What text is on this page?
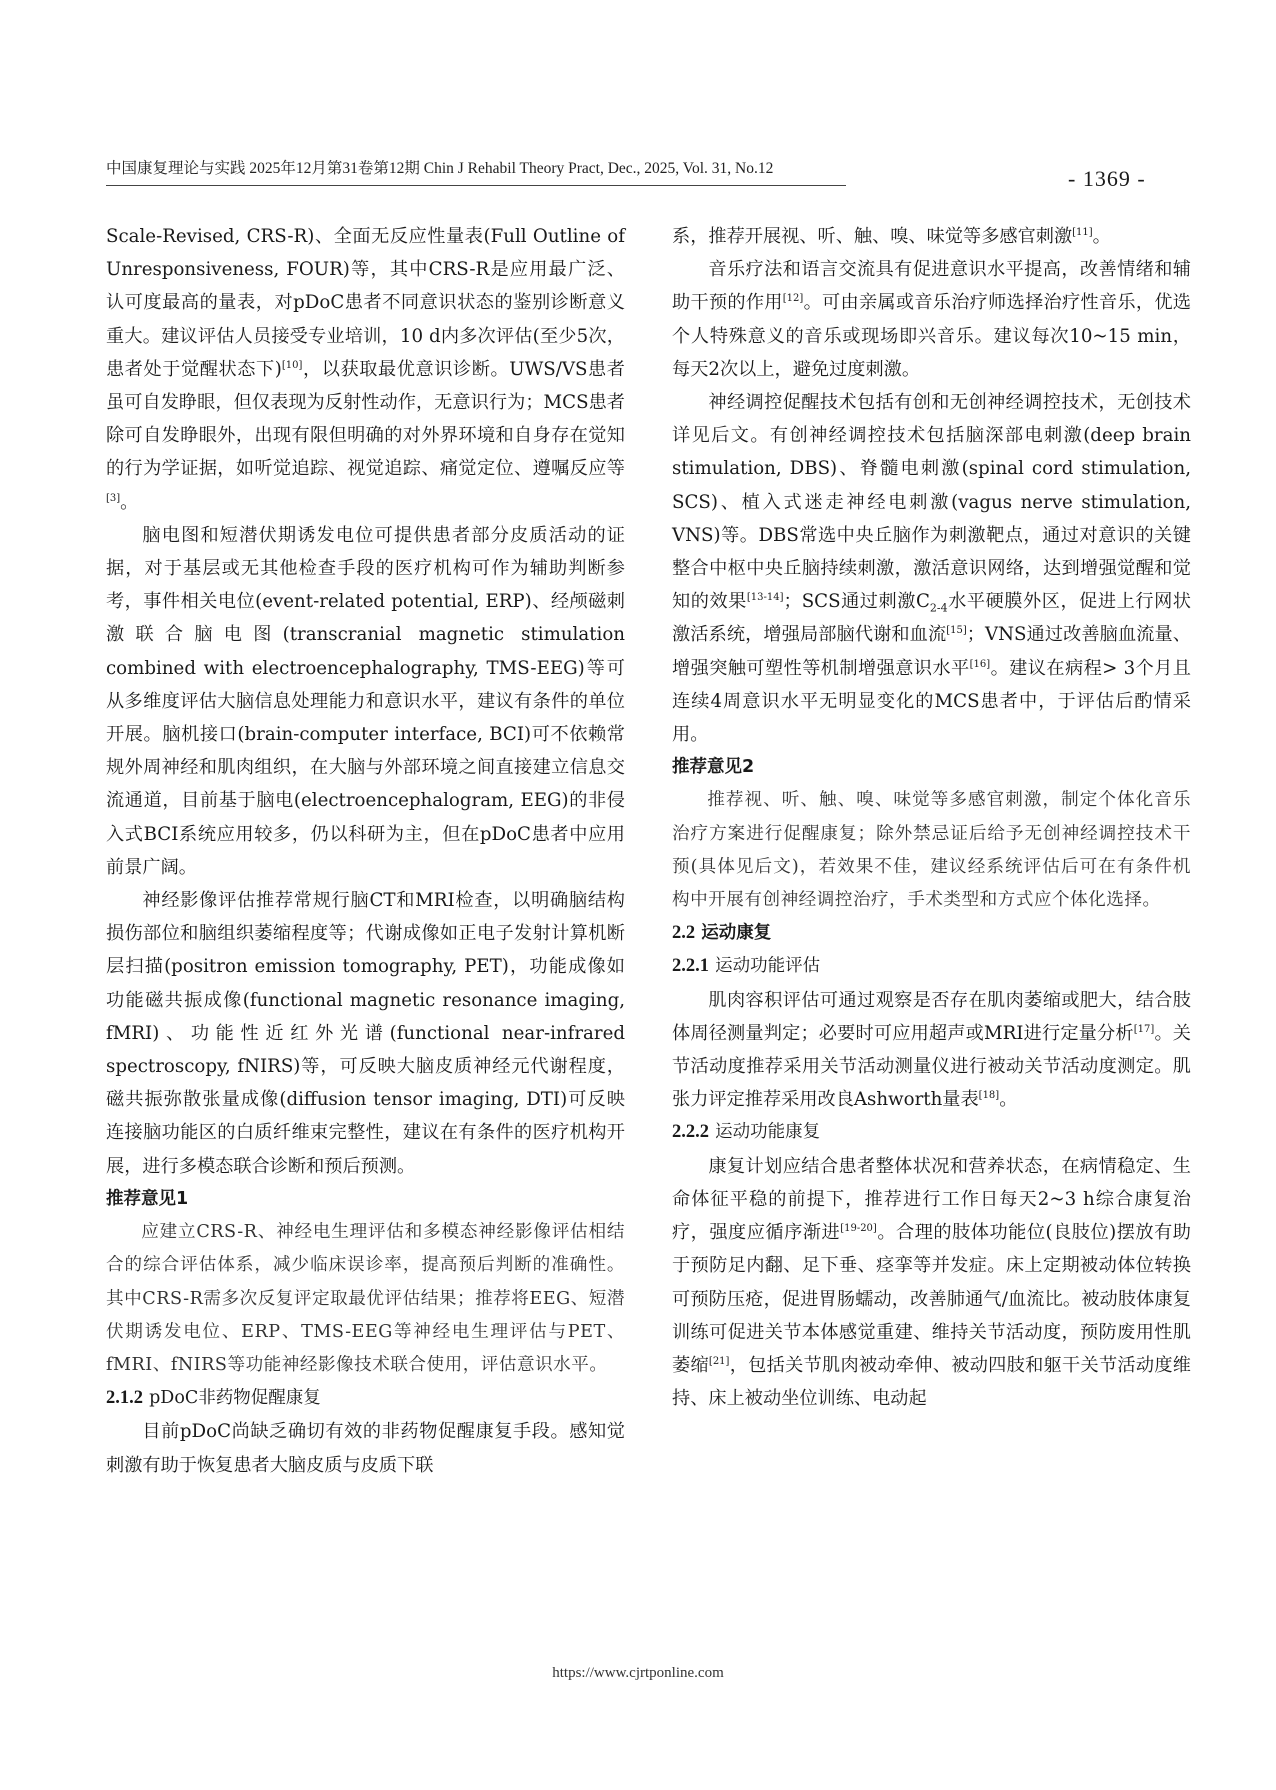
中国康复理论与实践 2025年12月第31卷第12期 Chin J Rehabil Theory Pract, Dec., 2025, Vol. 31, No.12	- 1369 -

Scale-Revised, CRS-R)、全面无反应性量表(Full Outline of Unresponsiveness, FOUR)等，其中CRS-R是应用最广泛、认可度最高的量表，对pDoC患者不同意识状态的鉴别诊断意义重大。建议评估人员接受专业培训，10 d内多次评估(至少5次，患者处于觉醒状态下)[10]，以获取最优意识诊断。UWS/VS患者虽可自发睁眼，但仅表现为反射性动作，无意识行为；MCS患者除可自发睁眼外，出现有限但明确的对外界环境和自身存在觉知的行为学证据，如听觉追踪、视觉追踪、痛觉定位、遵嘱反应等[3]。

脑电图和短潜伏期诱发电位可提供患者部分皮质活动的证据，对于基层或无其他检查手段的医疗机构可作为辅助判断参考，事件相关电位(event-related potential, ERP)、经颅磁刺激联合脑电图(transcranial magnetic stimulation combined with electroencephalography, TMS-EEG)等可从多维度评估大脑信息处理能力和意识水平，建议有条件的单位开展。脑机接口(brain-computer interface, BCI)可不依赖常规外周神经和肌肉组织，在大脑与外部环境之间直接建立信息交流通道，目前基于脑电(electroencephalogram, EEG)的非侵入式BCI系统应用较多，仍以科研为主，但在pDoC患者中应用前景广阔。

神经影像评估推荐常规行脑CT和MRI检查，以明确脑结构损伤部位和脑组织萎缩程度等；代谢成像如正电子发射计算机断层扫描(positron emission tomography, PET)，功能成像如功能磁共振成像(functional magnetic resonance imaging, fMRI)、功能性近红外光谱(functional near-infrared spectroscopy, fNIRS)等，可反映大脑皮质神经元代谢程度，磁共振弥散张量成像(diffusion tensor imaging, DTI)可反映连接脑功能区的白质纤维束完整性，建议在有条件的医疗机构开展，进行多模态联合诊断和预后预测。

推荐意见1

应建立CRS-R、神经电生理评估和多模态神经影像评估相结合的综合评估体系，减少临床误诊率，提高预后判断的准确性。其中CRS-R需多次反复评定取最优评估结果；推荐将EEG、短潜伏期诱发电位、ERP、TMS-EEG等神经电生理评估与PET、fMRI、fNIRS等功能神经影像技术联合使用，评估意识水平。

2.1.2 pDoC非药物促醒康复

目前pDoC尚缺乏确切有效的非药物促醒康复手段。感知觉刺激有助于恢复患者大脑皮质与皮质下联

系，推荐开展视、听、触、嗅、味觉等多感官刺激[11]。

音乐疗法和语言交流具有促进意识水平提高，改善情绪和辅助干预的作用[12]。可由亲属或音乐治疗师选择治疗性音乐，优选个人特殊意义的音乐或现场即兴音乐。建议每次10~15 min，每天2次以上，避免过度刺激。

神经调控促醒技术包括有创和无创神经调控技术，无创技术详见后文。有创神经调控技术包括脑深部电刺激(deep brain stimulation, DBS)、脊髓电刺激(spinal cord stimulation, SCS)、植入式迷走神经电刺激(vagus nerve stimulation, VNS)等。DBS常选中央丘脑作为刺激靶点，通过对意识的关键整合中枢中央丘脑持续刺激，激活意识网络，达到增强觉醒和觉知的效果[13-14]；SCS通过刺激$C_{2-4}$水平硬膜外区，促进上行网状激活系统，增强局部脑代谢和血流[15]；VNS通过改善脑血流量、增强突触可塑性等机制增强意识水平[16]。建议在病程> 3个月且连续4周意识水平无明显变化的MCS患者中，于评估后酌情采用。

推荐意见2

推荐视、听、触、嗅、味觉等多感官刺激，制定个体化音乐治疗方案进行促醒康复；除外禁忌证后给予无创神经调控技术干预(具体见后文)，若效果不佳，建议经系统评估后可在有条件机构中开展有创神经调控治疗，手术类型和方式应个体化选择。

2.2 运动康复

2.2.1 运动功能评估

肌肉容积评估可通过观察是否存在肌肉萎缩或肥大，结合肢体周径测量判定；必要时可应用超声或MRI进行定量分析[17]。关节活动度推荐采用关节活动测量仪进行被动关节活动度测定。肌张力评定推荐采用改良Ashworth量表[18]。

2.2.2 运动功能康复

康复计划应结合患者整体状况和营养状态，在病情稳定、生命体征平稳的前提下，推荐进行工作日每天2~3 h综合康复治疗，强度应循序渐进[19-20]。合理的肢体功能位(良肢位)摆放有助于预防足内翻、足下垂、痉挛等并发症。床上定期被动体位转换可预防压疮，促进胃肠蠕动，改善肺通气/血流比。被动肢体康复训练可促进关节本体感觉重建、维持关节活动度，预防废用性肌萎缩[21]，包括关节肌肉被动牵伸、被动四肢和躯干关节活动度维持、床上被动坐位训练、电动起

https://www.cjrtponline.com
